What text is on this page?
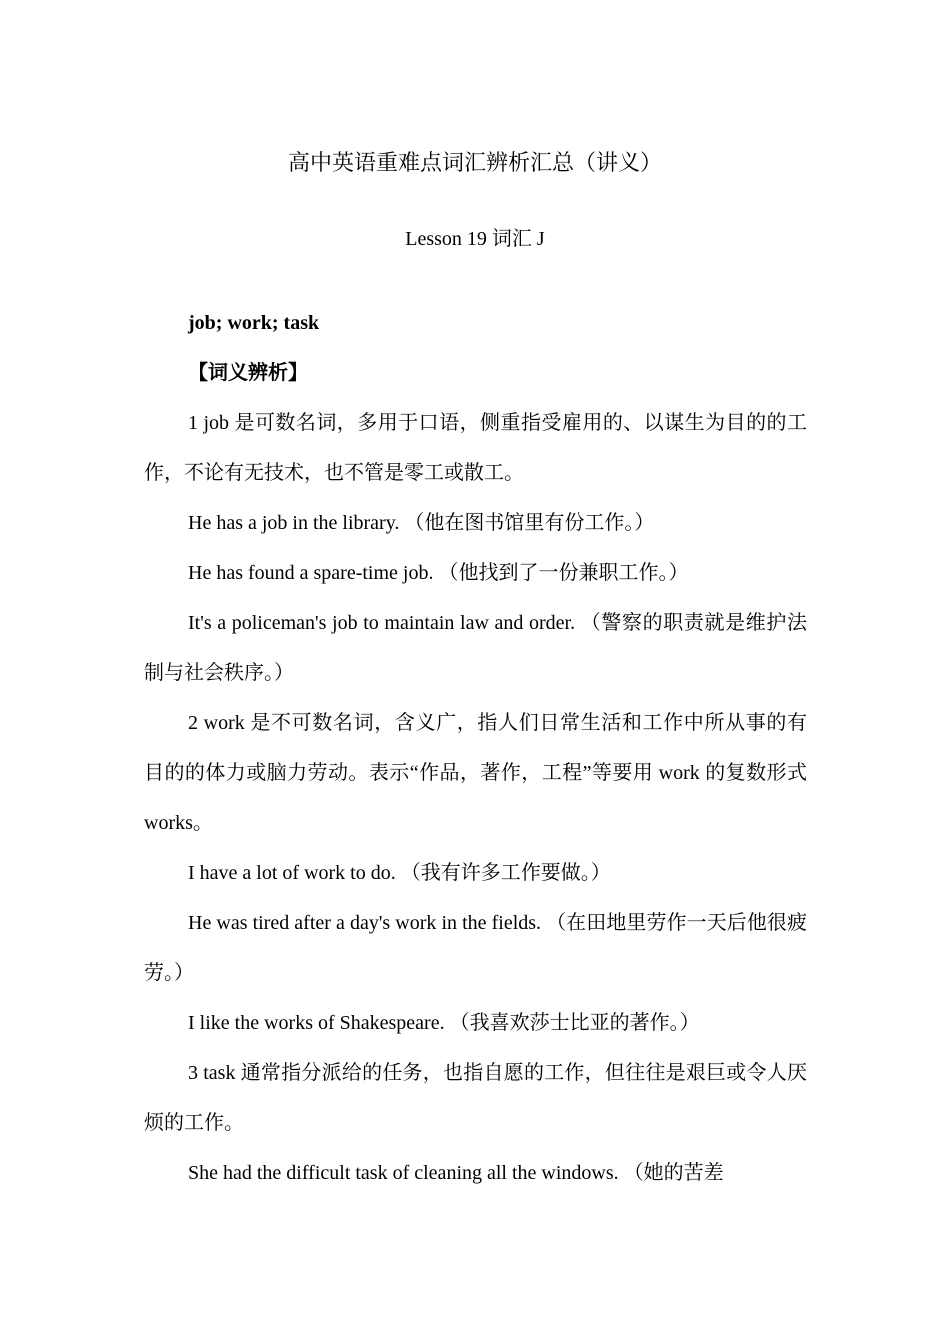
高中英语重难点词汇辨析汇总（讲义）
Lesson 19 词汇 J

job; work; task

【词义辨析】

1 job 是可数名词，多用于口语，侧重指受雇用的、以谋生为目的的工作，不论有无技术，也不管是零工或散工。

He has a job in the library. （他在图书馆里有份工作。）

He has found a spare-time job. （他找到了一份兼职工作。）

It's a policeman's job to maintain law and order. （警察的职责就是维护法制与社会秩序。）

2 work 是不可数名词，含义广，指人们日常生活和工作中所从事的有目的的体力或脑力劳动。表示“作品，著作，工程”等要用 work 的复数形式 works。

I have a lot of work to do. （我有许多工作要做。）

He was tired after a day's work in the fields. （在田地里劳作一天后他很疲劳。）

I like the works of Shakespeare. （我喜欢莎士比亚的著作。）

3 task 通常指分派给的任务，也指自愿的工作，但往往是艰巨或令人厌烦的工作。

She had the difficult task of cleaning all the windows. （她的苦差
